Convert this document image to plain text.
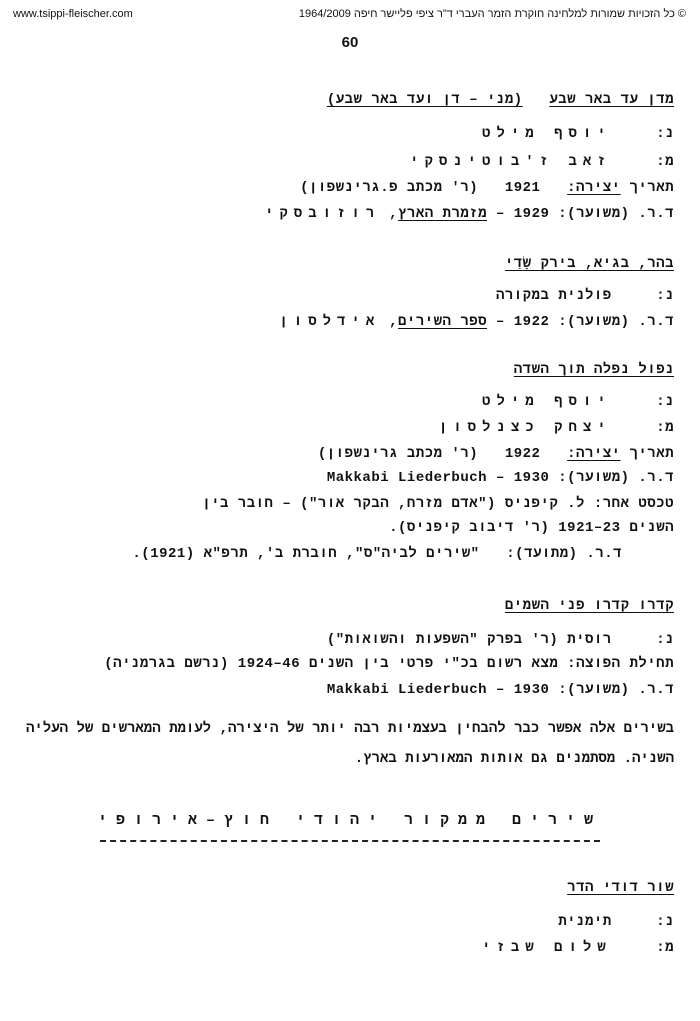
www.tsippi-fleischer.com	© כל הזכויות שמורות למלחינה חוקרת הזמר העברי ד"ר ציפי פליישר חיפה 1964/2009
60
מדן עד באר שבע   (מני – דן ועד באר שבע)
נ:     יוסף מילט
מ:     זאב ז'בוטינסקי
תאריך יצירה:   1921   (ר' מכתב פ.גרינשפון)
ד.ר. (משוער): 1929 – מזמרת הארץ, רוזובסקי
בהר, בגיא, בירק שָׂדַי
נ:     פולנית במקורה
ד.ר. (משוער): 1922 – ספר השירים, אידלסון
נפול נפלה תוך השדה
נ:     יוסף מילט
מ:     יצחק כצנלסון
תאריך יצירה:   1922   (ר' מכתב גרינשפון)
ד.ר. (משוער): 1930 – Makkabi Liederbuch
טכסט אחר: ל. קיפניס ("אדם מזרח, הבקר אור") – חובר בין
השנים 1921–23 (ר' דיבוב קיפניס).
ד.ר. (מתועד):   "שירים לביה"ס", חוברת ב', תרפ"א (1921).
קדרו קדרו פני השמים
נ:     רוסית (ר' בפרק "השפעות והשואות")
תחילת הפוצה: מצא רשום בכ"י פרטי בין השנים 1924–46 (נרשם בגרמניה)
ד.ר. (משוער): 1930 – Makkabi Liederbuch
בשירים אלה אפשר כבר להבחין בעצמיות רבה יותר של היצירה, לעומת המארשים של העליה השניה. מסתמנים גם אותות המאורעות בארץ.
שירים ממקור יהודי חוץ–אירופי
שור דודי הדר
נ:     תימנית
מ:     שלום שבזי
